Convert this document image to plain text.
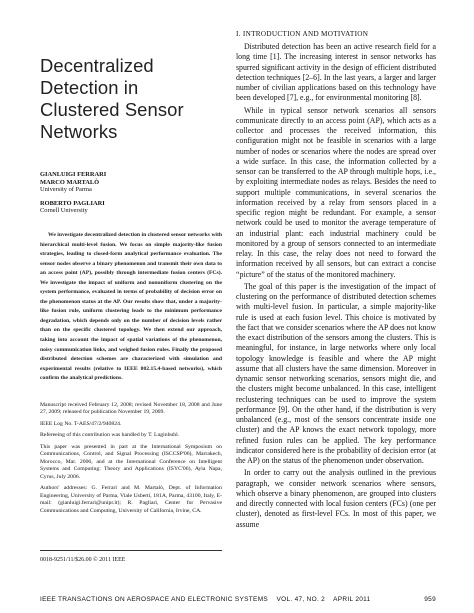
Decentralized Detection in Clustered Sensor Networks
GIANLUIGI FERRARI
MARCO MARTALÒ
University of Parma
ROBERTO PAGLIARI
Cornell University
We investigate decentralized detection in clustered sensor networks with hierarchical multi-level fusion. We focus on simple majority-like fusion strategies, leading to closed-form analytical performance evaluation. The sensor nodes observe a binary phenomenon and transmit their own data to an access point (AP), possibly through intermediate fusion centers (FCs). We investigate the impact of uniform and nonuniform clustering on the system performance, evaluated in terms of probability of decision error on the phenomenon status at the AP. Our results show that, under a majority-like fusion rule, uniform clustering leads to the minimum performance degradation, which depends only on the number of decision levels rather than on the specific clustered topology. We then extend our approach, taking into account the impact of spatial variations of the phenomenon, noisy communication links, and weighed fusion rules. Finally the proposed distributed detection schemes are characterized with simulation and experimental results (relative to IEEE 802.15.4-based networks), which confirm the analytical predictions.

Manuscript received February 12, 2008; revised November 18, 2008 and June 27, 2009; released for publication November 19, 2009.

IEEE Log No. T-AES/47/2/940824.

Refereeing of this contribution was handled by T. Luginbuhl.

This paper was presented in part at the International Symposium on Communications, Control, and Signal Processing (ISCCSP'06), Marrakech, Morocco, Mar. 2006, and at the International Conference on Intelligent Systems and Computing: Theory and Applications (ISYC'06), Ayia Napa, Cyrus, July 2006.

Authors' addresses: G. Ferrari and M. Martalò, Dept. of Information Engineering, University of Parma, Viale Usberti, 181A, Parma, 43100, Italy, E-mail: (gianluigi.ferrari@unipr.it); R. Pagliari, Center for Pervasive Communications and Computing, University of California, Irvine, CA.

0018-9251/11/$26.00 © 2011 IEEE
I. INTRODUCTION AND MOTIVATION

Distributed detection has been an active research field for a long time [1]. The increasing interest in sensor networks has spurred significant activity in the design of efficient distributed detection techniques [2–6]. In the last years, a larger and larger number of civilian applications based on this technology have been developed [7], e.g., for environmental monitoring [8].

While in typical sensor network scenarios all sensors communicate directly to an access point (AP), which acts as a collector and processes the received information, this configuration might not be feasible in scenarios with a large number of nodes or scenarios where the nodes are spread over a wide surface. In this case, the information collected by a sensor can be transferred to the AP through multiple hops, i.e., by exploiting intermediate nodes as relays. Besides the need to support multiple communications, in several scenarios the information received by a relay from sensors placed in a specific region might be redundant. For example, a sensor network could be used to monitor the average temperature of an industrial plant: each industrial machinery could be monitored by a group of sensors connected to an intermediate relay. In this case, the relay does not need to forward the information received by all sensors, but can extract a concise “picture” of the status of the monitored machinery.

The goal of this paper is the investigation of the impact of clustering on the performance of distributed detection schemes with multi-level fusion. In particular, a simple majority-like rule is used at each fusion level. This choice is motivated by the fact that we consider scenarios where the AP does not know the exact distribution of the sensors among the clusters. This is meaningful, for instance, in large networks where only local topology knowledge is feasible and where the AP might assume that all clusters have the same dimension. Moreover in dynamic sensor networking scenarios, sensors might die, and the clusters might become unbalanced. In this case, intelligent reclustering techniques can be used to improve the system performance [9]. On the other hand, if the distribution is very unbalanced (e.g., most of the sensors concentrate inside one cluster) and the AP knows the exact network topology, more refined fusion rules can be applied. The key performance indicator considered here is the probability of decision error (at the AP) on the status of the phenomenon under observation.

In order to carry out the analysis outlined in the previous paragraph, we consider network scenarios where sensors, which observe a binary phenomenon, are grouped into clusters and directly connected with local fusion centers (FCs) (one per cluster), denoted as first-level FCs. In most of this paper, we assume

IEEE TRANSACTIONS ON AEROSPACE AND ELECTRONIC SYSTEMS    VOL. 47, NO. 2    APRIL 2011	959
